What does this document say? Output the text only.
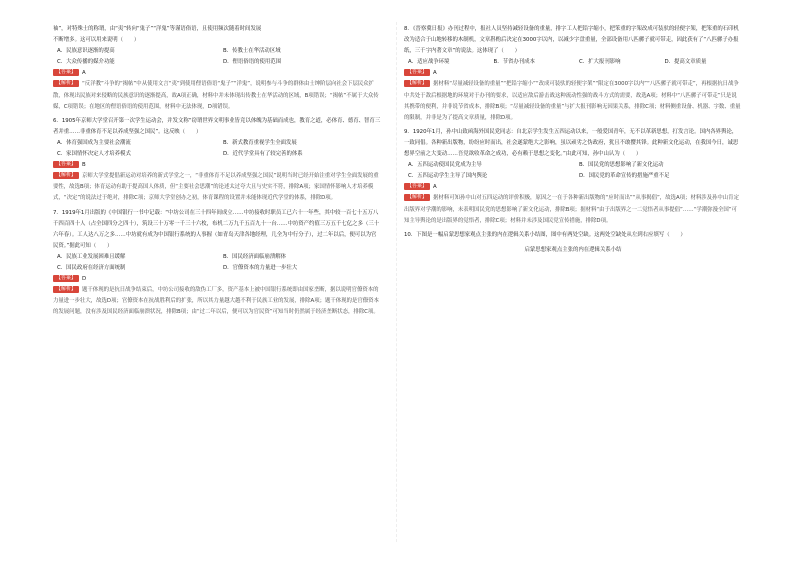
袖”，对特殊士的称谓，由“夷”转向“鬼子”“洋鬼”等谨语俗语，且使用频次随着时间发展
不断增多。这可以用来说明（　　）
A．民族意识逐渐的提高	B．传教士在华活动区域
C．大众传播的媒介功能	D．俚语俗语的使用范围
【答案】 A
【解析】 “反洋教”斗争的“揭帖”中从使用文言“夷”到使用俚语俗语“鬼子”“洋鬼”，说明参与斗争的群体由士绅阶层向社会下层民众扩散，体现出民族对来侵略的民族意识的逐渐提高，故A项正确，材料中并未体现出传教士在华活动的区域，B项错误；“揭帖”不属于大众传媒，C项错误；在地区的俚语俗语的使用范围，材料中无法体现，D项错误。
6．1905年京师大学堂召开第一次学生运动会，并发文称“窃谓世界文明事业皆竞以体魄为基础而成也，教育之道，必体育、德育、智育三者并重……非重体育不足以养成坚强之国民”。这反映（　　）
A．体育强国成为主要社会潮流	B．新式教育重视学生全面发展
C．家国情怀决定人才培养模式	D．近代学堂具有了较完善的体系
【答案】 B
【解析】 京师大学堂提倡新运动对培养的新式学堂之一，“非重体育不足以养成坚强之国民”说明当时已经开始注重对学生全面发展的重要性，故选B项；体育运动有助于提高国人体质，但“主要社会思潮”的论述太过夸大且与史实不符，排除A项；家国情怀影响人才培养模式，“决定”的说法过于绝对，排除C项；京师大学堂创办之初，体育课程的设置并未能体现近代学堂的体系，排除D项。
7．1919年1月出版的《中国银行一书中记载：“中坊公司在三十四年间成立……中坊接收时职员工已六十一年些，其中较一百七十五万八千四百四十人（占全国四分之四十），筑设三十万零一千三十六枚，布机二万九千五百九十一台……中坊资产约值三万五千七亿之多（三十六年春）。工人达八万之多……中坊就有成为中国银行系统的人事握（如青岛天津各地经理，几全为中行分子），过二年以后，便可以为官民资。”据此可知（　　）
A．民族工业发展困难且缓解	B．国民经济面临崩溃解体
C．国民政府在经济方面统制	D．官僚资本的力量进一步壮大
【答案】 D
【解析】 题干体现的是抗日战争结束后，中坊公司接收的敌伪工厂多，资产基本上被中国银行系统即由国家垄断，据以说明官僚资本的力量进一步壮大，故选D项；官僚资本在抗战胜利后的扩张，所以其力量越大越不利于民族工业的发展，排除A项；题干体现的是官僚资本的发展问题，没有涉及国民经济面临崩溃状况，排除B项；由“过二年以后，便可以为官民资”可知当时仍然属于经济垄断状态，排除C项。
8．《晋察冀日报》办刊过程中，报社人员坚持减轻设备的重量，排字工人把铅字缩小，把笨重的字架改成可装驮的轻便字架，把笨重的石印机改为适合于山地转移的木制机，文章斟酌后决定在3000字以内，以减少字盘重量，全部设备用八匹骡子就可带走，因此获有了“八匹骡子办报纸，三千字内著文章”的说法。这体现了（　　）
A．适应战争环境	B．节省办刊成本	C．扩大报刊影响	D．提高文章质量
【答案】 A
【解析】 据材料“尽量减轻设备的重量”“把铅字缩小”“改成可装驮的轻便字架”“限定在3000字以内”“八匹骡子就可带走”，再根据抗日战争中共处于敌后根据地的环境对于办刊的要求，以适应敌后游击战这种流动性强的战斗方式的需要，故选A项；材料中“八匹骡子可带走”只是说其携带的便利，并非说节省成本，排除B项；“尽量减轻设备的重量”与扩大报刊影响无因果关系，排除C项；材料侧重设备、机器、字数、重量的限制，并非是为了提高文章质量，排除D项。
9．1920年1月，孙中山致函海外国民党同志：自北京学生发生五四运动以来，一般爱国青年，无不以革新思想，打发言论。国内各界舆论，一致同倡。各种新出版物，纷纷应时而出，社会遂蒙绝大之影响，虽以顽劣之伪政府，犹且不敢撄其锋。此种新文化运动，在我国今日，诚思想界空前之大变动……吾党欲收革命之成功，必有赖于思想之变化。”由此可知，孙中山认为（　　）
A．五四运动使国民党成为主导	B．国民党的思想影响了新文化运动
C．五四运动学生主导了国内舆论	D．国民党的革命宣传的措施严重不足
【答案】 A
【解析】 据材料可知孙中山对五四运动的评价积极，原因之一在于各种新出版物的“应时而出”“从事揭倡”，故选A项；材料涉及孙中山肯定出版界对学潮的影响，未表明国民党的思想影响了新文化运动，排除B项；据材料“由于出版界之一二觉悟者从事提倡”……“学潮弥漫全国”可知主导舆论的是出版界的觉悟者，排除C项；材料并未涉及国民党宣传措施，排除D项。
10．下图是一幅启蒙思想家观点主张的内在逻辑关系小结图，图中有两处空缺。这两处空缺处从左到右应填写（　　）
启蒙思想家观点主张的内在逻辑关系小结
